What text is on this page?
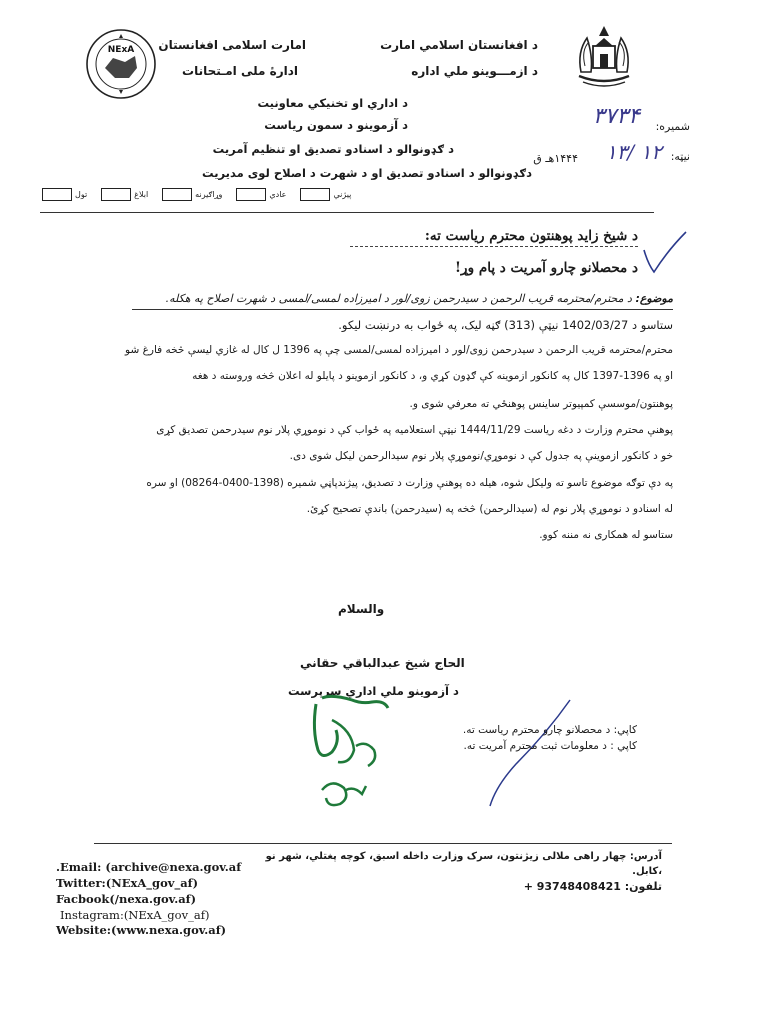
NExA	د افغانستان اسلامي امارت
د ازمـــوینو ملي اداره
امارت اسلامی افغانستان
ادارهٔ ملی امـتحانات
شمیره:
۳۷۳۴
نیټه:
۱۳/ ۱۲
۱۴۴۴هـ ق
د اداري او تخنيکي معاونيت
د آزموینو د سمون رياست
د ګډونوالو د اسنادو تصديق او تنظيم آمريت
دګډونوالو د اسنادو تصديق او د شهرت د اصلاح لوی مديريت
پيژني
عادي
وړاګيرنه
ابلاغ
تول
د شيخ زايد پوهنتون محترم رياست ته:
د محصلانو چارو آمریت د پام وړ!
موضوع: د محترم/محترمه قريب الرحمن د سيدرحمن زوی/لور د اميرزاده لمسی/لمسی د شهرت اصلاح په هکله.
ستاسو د 1402/03/27 نيټې (313) ګڼه ليک، په ځواب به درنښت ليکو.
محترم/محترمه قريب الرحمن د سيدرحمن زوی/لور د اميرزاده لمسی/لمسی چې په 1396 ل کال له غازي ليسې څخه فارغ شو
او په 1396-1397 کال په کانکور ازموينه کې ګډون کړي و، د کانکور ازموينو د پايلو له اعلان څخه وروسته د هغه
پوهنتون/موسسې کمپيوتر ساينس پوهنځي ته معرفي شوی و.
پوهنې محترم وزارت د دغه رياست 1444/11/29 نيټې استعلاميه په ځواب کې د نوموړي پلار نوم سيدرحمن تصديق کړی
خو د کانکور ازموينې په جدول کې د نوموړي/نوموړې پلار نوم سيدالرحمن ليکل شوی دی.
په دې توګه موضوع تاسو ته وليکل شوه، هيله ده پوهنې وزارت د تصديق، پيژندپاڼي شميره (1398-0400-08264) او سره
له اسنادو د نوموړي پلار نوم له (سيدالرحمن) څخه په (سيدرحمن) باندې تصحيح کړئ.
ستاسو له همکاری نه مننه کوو.
والسلام
الحاج شيخ عبدالباقي حقاني
د آزموينو ملي اداري سرپرست
کاپي: د محصلانو چارو محترم رياست ته.
کاپي : د معلومات ثبت محترم آمريت ته.
آدرس: چهار راهی ملالی زیژنتون، سرک وزارت داخله اسبق، کوچه پغتلي، شهر نو
،کابل.
تلفون: 93748408421 +
.Email: (archive@nexa.gov.af
Twitter:(NExA_gov_af)
Facbook(/nexa.gov.af)
Instagram:(NExA_gov_af)
Website:(www.nexa.gov.af)
